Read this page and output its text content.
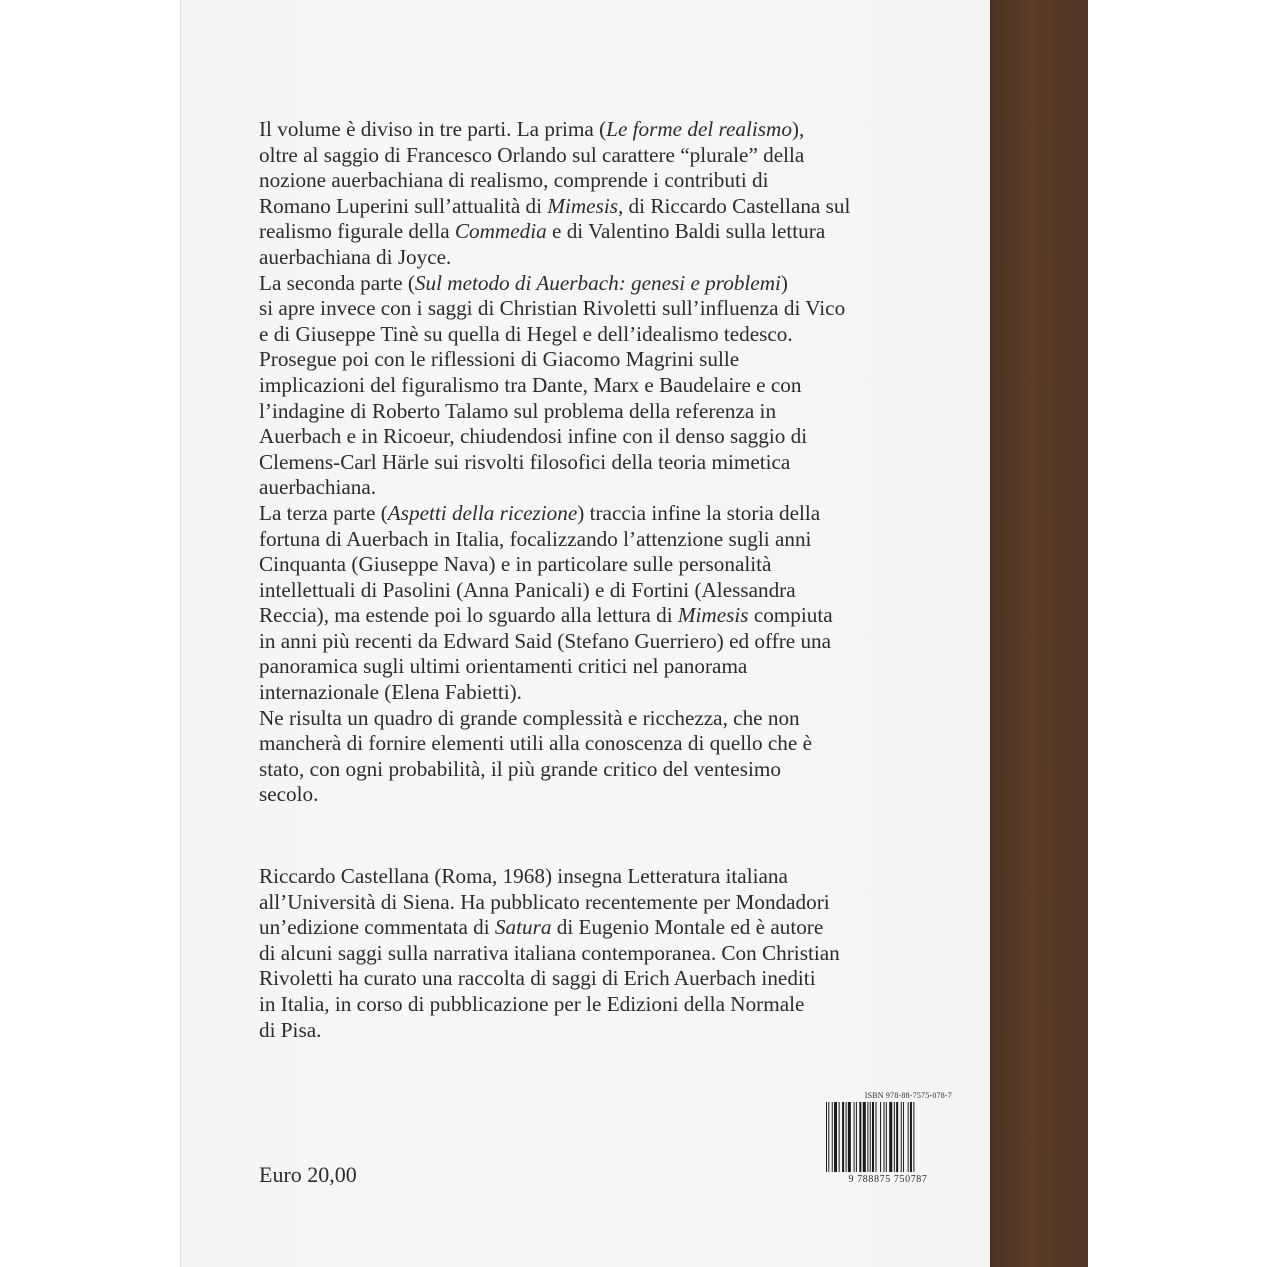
Il volume è diviso in tre parti. La prima (Le forme del realismo),
oltre al saggio di Francesco Orlando sul carattere “plurale” della
nozione auerbachiana di realismo, comprende i contributi di
Romano Luperini sull’attualità di Mimesis, di Riccardo Castellana sul
realismo figurale della Commedia e di Valentino Baldi sulla lettura
auerbachiana di Joyce.

La seconda parte (Sul metodo di Auerbach: genesi e problemi)
si apre invece con i saggi di Christian Rivoletti sull’influenza di Vico
e di Giuseppe Tinè su quella di Hegel e dell’idealismo tedesco.
Prosegue poi con le riflessioni di Giacomo Magrini sulle
implicazioni del figuralismo tra Dante, Marx e Baudelaire e con
l’indagine di Roberto Talamo sul problema della referenza in
Auerbach e in Ricoeur, chiudendosi infine con il denso saggio di
Clemens-Carl Härle sui risvolti filosofici della teoria mimetica
auerbachiana.

La terza parte (Aspetti della ricezione) traccia infine la storia della
fortuna di Auerbach in Italia, focalizzando l’attenzione sugli anni
Cinquanta (Giuseppe Nava) e in particolare sulle personalità
intellettuali di Pasolini (Anna Panicali) e di Fortini (Alessandra
Reccia), ma estende poi lo sguardo alla lettura di Mimesis compiuta
in anni più recenti da Edward Said (Stefano Guerriero) ed offre una
panoramica sugli ultimi orientamenti critici nel panorama
internazionale (Elena Fabietti).

Ne risulta un quadro di grande complessità e ricchezza, che non
mancherà di fornire elementi utili alla conoscenza di quello che è
stato, con ogni probabilità, il più grande critico del ventesimo
secolo.

Riccardo Castellana (Roma, 1968) insegna Letteratura italiana
all’Università di Siena. Ha pubblicato recentemente per Mondadori
un’edizione commentata di Satura di Eugenio Montale ed è autore
di alcuni saggi sulla narrativa italiana contemporanea. Con Christian
Rivoletti ha curato una raccolta di saggi di Erich Auerbach inediti
in Italia, in corso di pubblicazione per le Edizioni della Normale
di Pisa.

Euro 20,00
ISBN 978-88-7575-078-7
9 788875 750787
